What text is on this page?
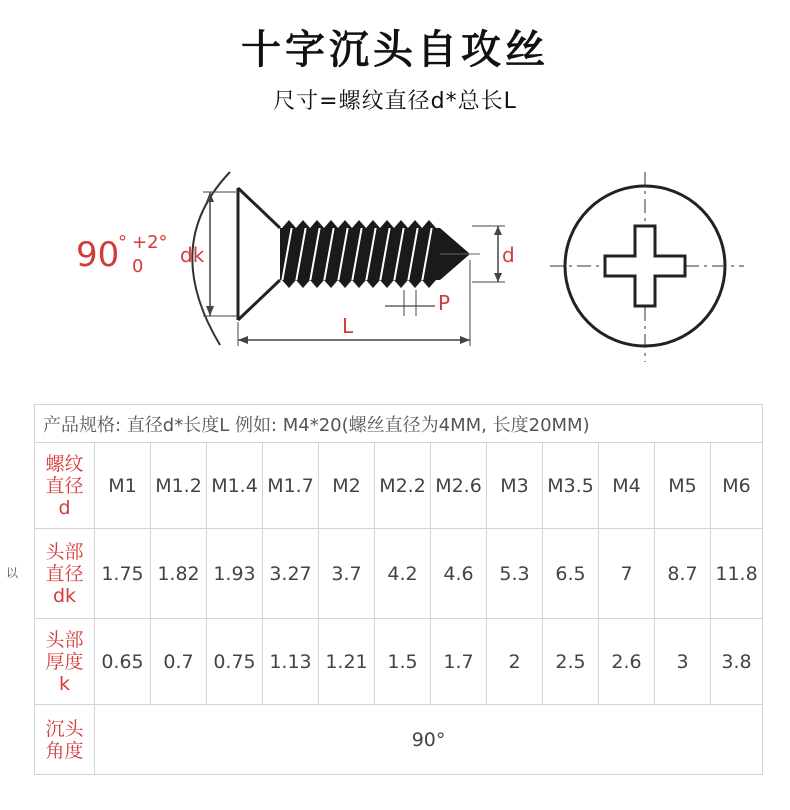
十字沉头自攻丝
尺寸=螺纹直径d*总长L
90
° +2°
0 dk	d
P
L
以
产品规格: 直径d*长度L 例如: M4*20(螺丝直径为4MM, 长度20MM)												

螺纹
直径
d	M1	M1.2	M1.4	M1.7	M2	M2.2	M2.6	M3	M3.5	M4	M5	M6

头部
直径
dk	1.75	1.82	1.93	3.27	3.7	4.2	4.6	5.3	6.5	7	8.7	11.8

头部
厚度
k	0.65	0.7	0.75	1.13	1.21	1.5	1.7	2	2.5	2.6	3	3.8

沉头
角度	90°											
